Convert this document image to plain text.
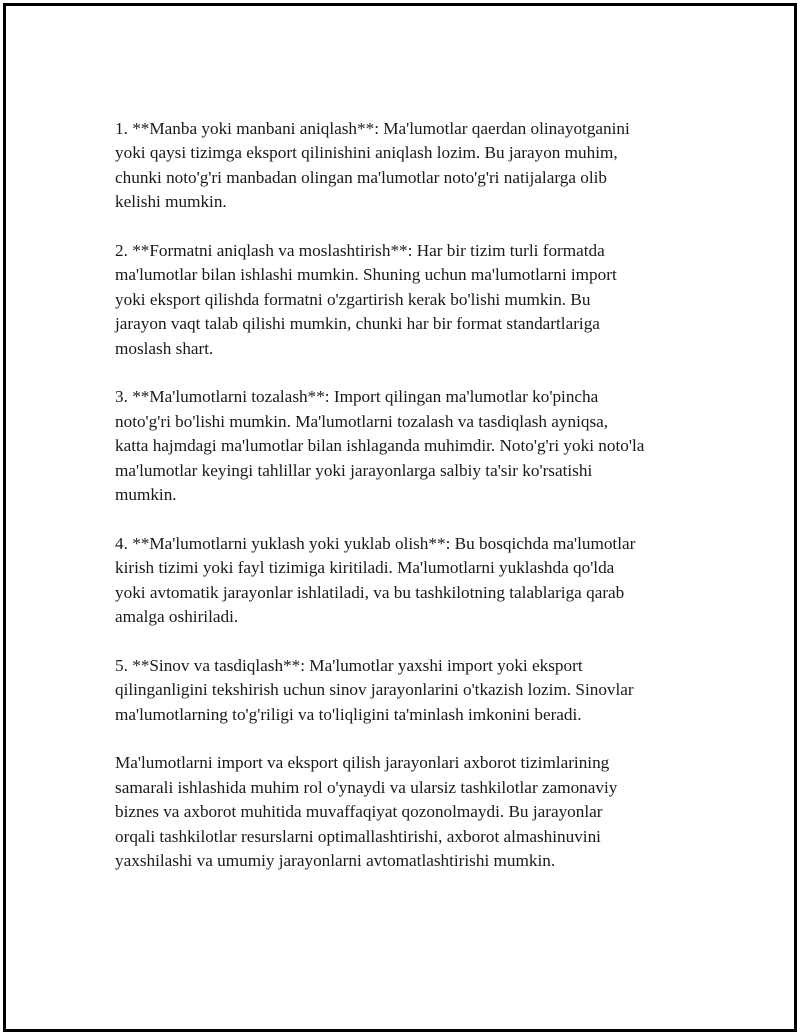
1. **Manba yoki manbani aniqlash**: Ma'lumotlar qaerdan olinayotganini
yoki qaysi tizimga eksport qilinishini aniqlash lozim. Bu jarayon muhim,
chunki noto'g'ri manbadan olingan ma'lumotlar noto'g'ri natijalarga olib
kelishi mumkin.

2. **Formatni aniqlash va moslashtirish**: Har bir tizim turli formatda
ma'lumotlar bilan ishlashi mumkin. Shuning uchun ma'lumotlarni import
yoki eksport qilishda formatni o'zgartirish kerak bo'lishi mumkin. Bu
jarayon vaqt talab qilishi mumkin, chunki har bir format standartlariga
moslash shart.

3. **Ma'lumotlarni tozalash**: Import qilingan ma'lumotlar ko'pincha
noto'g'ri bo'lishi mumkin. Ma'lumotlarni tozalash va tasdiqlash ayniqsa,
katta hajmdagi ma'lumotlar bilan ishlaganda muhimdir. Noto'g'ri yoki noto'la
ma'lumotlar keyingi tahlillar yoki jarayonlarga salbiy ta'sir ko'rsatishi
mumkin.

4. **Ma'lumotlarni yuklash yoki yuklab olish**: Bu bosqichda ma'lumotlar
kirish tizimi yoki fayl tizimiga kiritiladi. Ma'lumotlarni yuklashda qo'lda
yoki avtomatik jarayonlar ishlatiladi, va bu tashkilotning talablariga qarab
amalga oshiriladi.

5. **Sinov va tasdiqlash**: Ma'lumotlar yaxshi import yoki eksport
qilinganligini tekshirish uchun sinov jarayonlarini o'tkazish lozim. Sinovlar
ma'lumotlarning to'g'riligi va to'liqligini ta'minlash imkonini beradi.

Ma'lumotlarni import va eksport qilish jarayonlari axborot tizimlarining
samarali ishlashida muhim rol o'ynaydi va ularsiz tashkilotlar zamonaviy
biznes va axborot muhitida muvaffaqiyat qozonolmaydi. Bu jarayonlar
orqali tashkilotlar resurslarni optimallashtirishi, axborot almashinuvini
yaxshilashi va umumiy jarayonlarni avtomatlashtirishi mumkin.
